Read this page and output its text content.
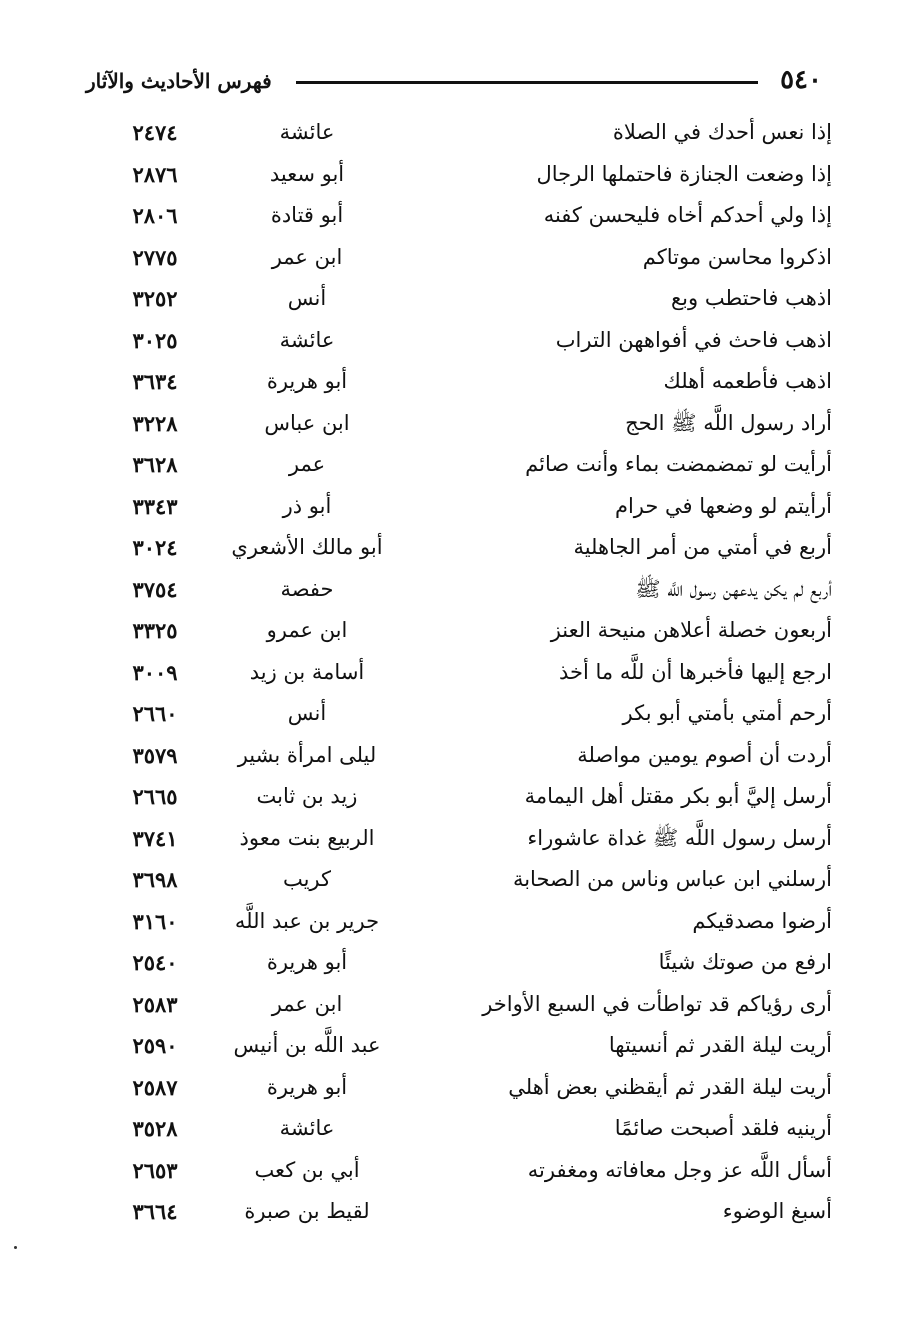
٥٤٠
فهرس الأحاديث والآثار
إذا نعس أحدك في الصلاة
عائشة
٢٤٧٤
إذا وضعت الجنازة فاحتملها الرجال
أبو سعيد
٢٨٧٦
إذا ولي أحدكم أخاه فليحسن كفنه
أبو قتادة
٢٨٠٦
اذكروا محاسن موتاكم
ابن عمر
٢٧٧٥
اذهب فاحتطب وبع
أنس
٣٢٥٢
اذهب فاحث في أفواههن التراب
عائشة
٣٠٢٥
اذهب فأطعمه أهلك
أبو هريرة
٣٦٣٤
أراد رسول اللَّه ﷺ الحج
ابن عباس
٣٢٢٨
أرأيت لو تمضمضت بماء وأنت صائم
عمر
٣٦٢٨
أرأيتم لو وضعها في حرام
أبو ذر
٣٣٤٣
أربع في أمتي من أمر الجاهلية
أبو مالك الأشعري
٣٠٢٤
أربع لم يكن يدعهن رسول اللَّه ﷺ
حفصة
٣٧٥٤
أربعون خصلة أعلاهن منيحة العنز
ابن عمرو
٣٣٢٥
ارجع إليها فأخبرها أن للَّه ما أخذ
أسامة بن زيد
٣٠٠٩
أرحم أمتي بأمتي أبو بكر
أنس
٢٦٦٠
أردت أن أصوم يومين مواصلة
ليلى امرأة بشير
٣٥٧٩
أرسل إليَّ أبو بكر مقتل أهل اليمامة
زيد بن ثابت
٢٦٦٥
أرسل رسول اللَّه ﷺ غداة عاشوراء
الربيع بنت معوذ
٣٧٤١
أرسلني ابن عباس وناس من الصحابة
كريب
٣٦٩٨
أرضوا مصدقيكم
جرير بن عبد اللَّه
٣١٦٠
ارفع من صوتك شيئًا
أبو هريرة
٢٥٤٠
أرى رؤياكم قد تواطأت في السبع الأواخر
ابن عمر
٢٥٨٣
أريت ليلة القدر ثم أنسيتها
عبد اللَّه بن أنيس
٢٥٩٠
أريت ليلة القدر ثم أيقظني بعض أهلي
أبو هريرة
٢٥٨٧
أرينيه فلقد أصبحت صائمًا
عائشة
٣٥٢٨
أسأل اللَّه عز وجل معافاته ومغفرته
أبي بن كعب
٢٦٥٣
أسبغ الوضوء
لقيط بن صبرة
٣٦٦٤
